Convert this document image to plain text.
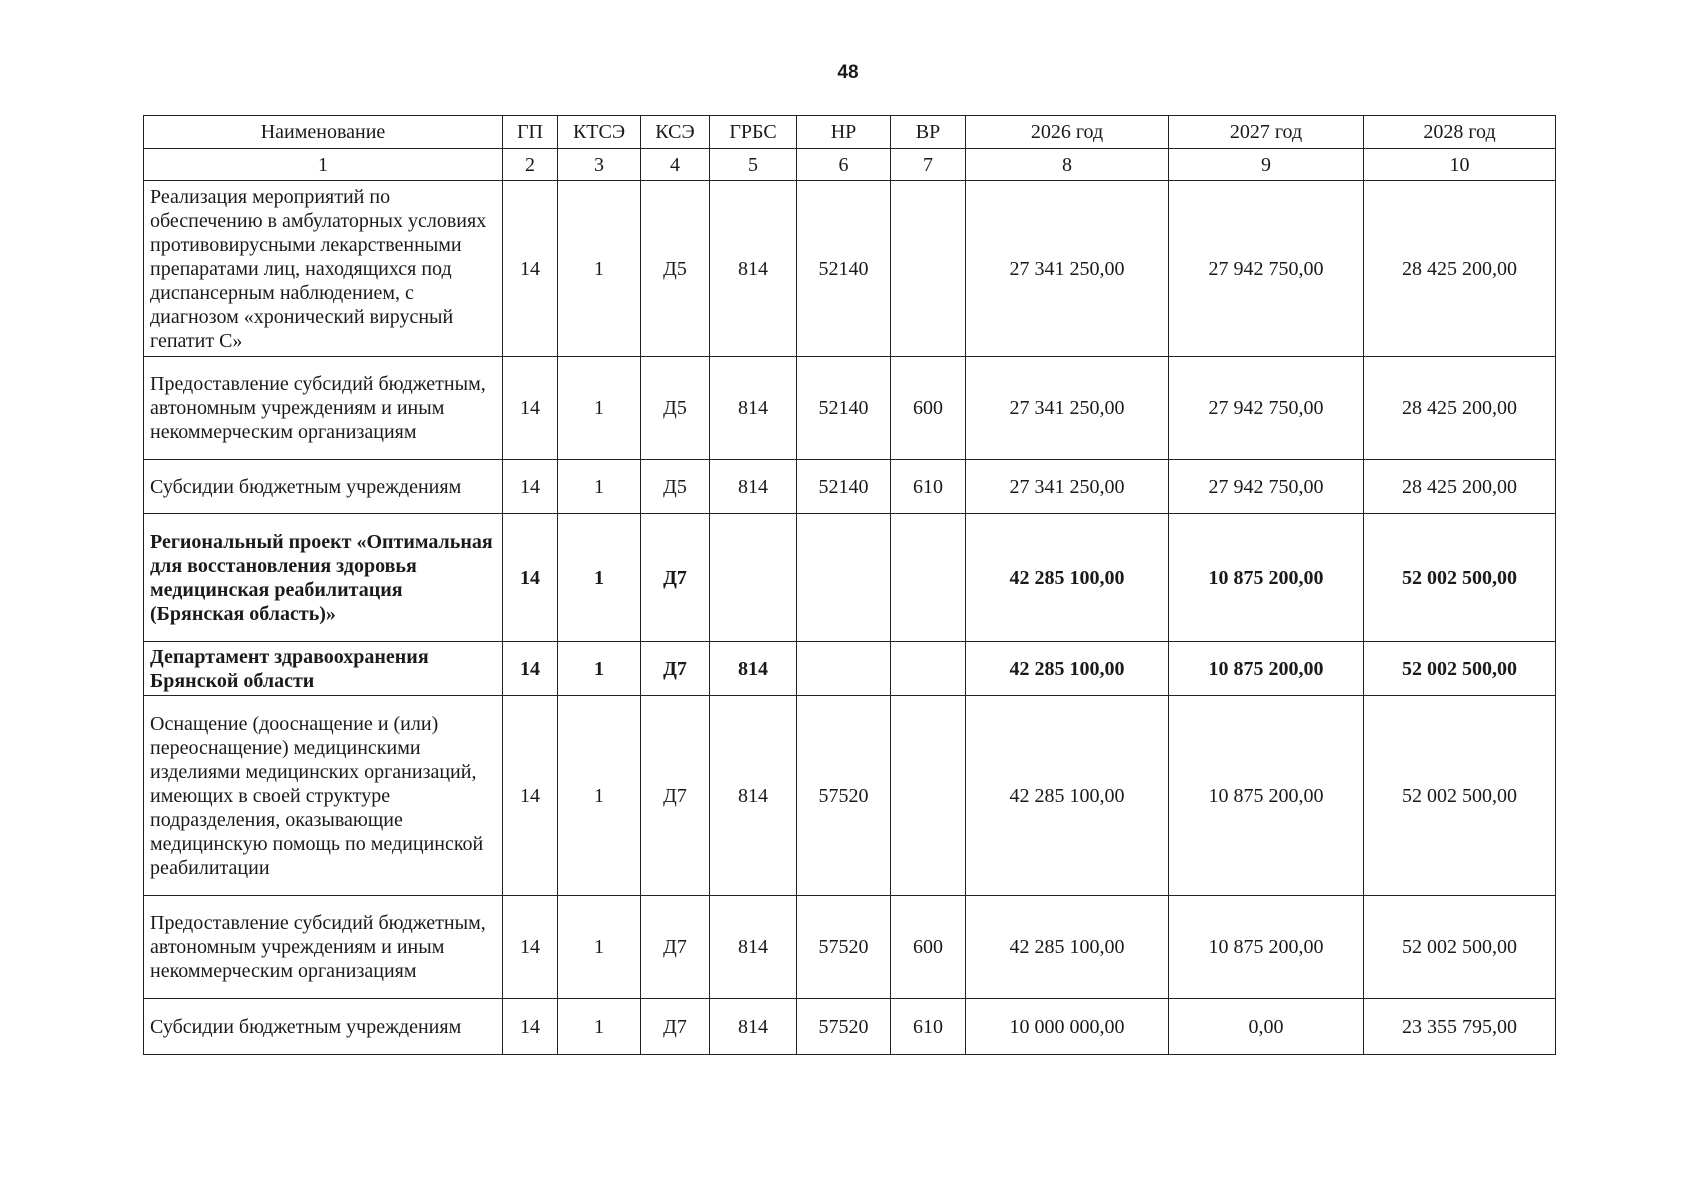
48
Наименование	ГП	КТСЭ	КСЭ	ГРБС	НР	ВР	2026 год	2027 год	2028 год
1	2	3	4	5	6	7	8	9	10
Реализация мероприятий по обеспечению в амбулаторных условиях противовирусными лекарственными препаратами лиц, находящихся под диспансерным наблюдением, с диагнозом «хронический вирусный гепатит С»	14	1	Д5	814	52140		27 341 250,00	27 942 750,00	28 425 200,00
Предоставление субсидий бюджетным, автономным учреждениям и иным некоммерческим организациям	14	1	Д5	814	52140	600	27 341 250,00	27 942 750,00	28 425 200,00
Субсидии бюджетным учреждениям	14	1	Д5	814	52140	610	27 341 250,00	27 942 750,00	28 425 200,00
Региональный проект «Оптимальная для восстановления здоровья медицинская реабилитация (Брянская область)»	14	1	Д7				42 285 100,00	10 875 200,00	52 002 500,00
Департамент здравоохранения Брянской области	14	1	Д7	814			42 285 100,00	10 875 200,00	52 002 500,00
Оснащение (дооснащение и (или) переоснащение) медицинскими изделиями медицинских организаций, имеющих в своей структуре подразделения, оказывающие медицинскую помощь по медицинской реабилитации	14	1	Д7	814	57520		42 285 100,00	10 875 200,00	52 002 500,00
Предоставление субсидий бюджетным, автономным учреждениям и иным некоммерческим организациям	14	1	Д7	814	57520	600	42 285 100,00	10 875 200,00	52 002 500,00
Субсидии бюджетным учреждениям	14	1	Д7	814	57520	610	10 000 000,00	0,00	23 355 795,00
